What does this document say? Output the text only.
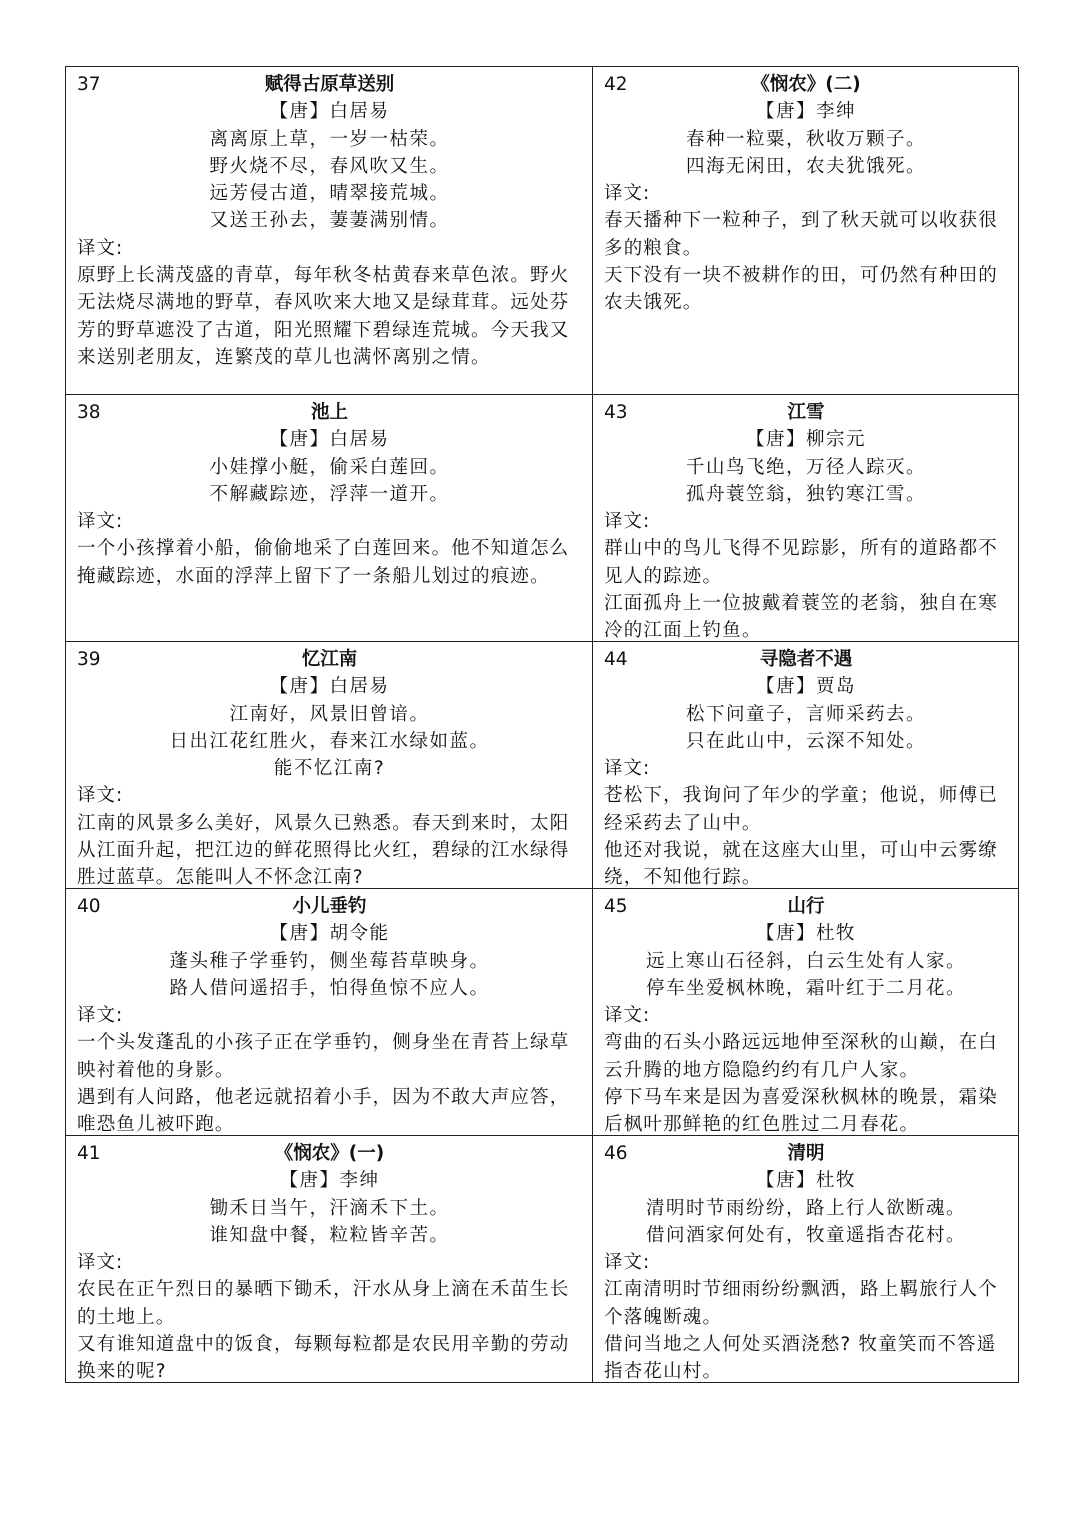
37	赋得古原草送别
【唐】白居易
离离原上草，一岁一枯荣。
野火烧不尽，春风吹又生。
远芳侵古道，晴翠接荒城。
又送王孙去，萋萋满别情。
译文:
原野上长满茂盛的青草，每年秋冬枯黄春来草色浓。野火无法烧尽满地的野草，春风吹来大地又是绿茸茸。远处芬芳的野草遮没了古道，阳光照耀下碧绿连荒城。今天我又来送别老朋友，连繁茂的草儿也满怀离别之情。
42	《悯农》(二)
【唐】李绅
春种一粒粟，秋收万颗子。
四海无闲田，农夫犹饿死。
译文:
春天播种下一粒种子，到了秋天就可以收获很多的粮食。
天下没有一块不被耕作的田，可仍然有种田的农夫饿死。
38	池上
【唐】白居易
小娃撑小艇，偷采白莲回。
不解藏踪迹，浮萍一道开。
译文:
一个小孩撑着小船，偷偷地采了白莲回来。他不知道怎么掩藏踪迹，水面的浮萍上留下了一条船儿划过的痕迹。
43	江雪
【唐】柳宗元
千山鸟飞绝，万径人踪灭。
孤舟蓑笠翁，独钓寒江雪。
译文:
群山中的鸟儿飞得不见踪影，所有的道路都不见人的踪迹。
江面孤舟上一位披戴着蓑笠的老翁，独自在寒冷的江面上钓鱼。
39	忆江南
【唐】白居易
江南好，风景旧曾谙。
日出江花红胜火，春来江水绿如蓝。
能不忆江南?
译文:
江南的风景多么美好，风景久已熟悉。春天到来时，太阳从江面升起，把江边的鲜花照得比火红，碧绿的江水绿得胜过蓝草。怎能叫人不怀念江南?
44	寻隐者不遇
【唐】贾岛
松下问童子，言师采药去。
只在此山中，云深不知处。
译文:
苍松下，我询问了年少的学童；他说，师傅已经采药去了山中。
他还对我说，就在这座大山里，可山中云雾缭绕，不知他行踪。
40	小儿垂钓
【唐】胡令能
蓬头稚子学垂钓，侧坐莓苔草映身。
路人借问遥招手，怕得鱼惊不应人。
译文:
一个头发蓬乱的小孩子正在学垂钓，侧身坐在青苔上绿草映衬着他的身影。
遇到有人问路，他老远就招着小手，因为不敢大声应答，唯恐鱼儿被吓跑。
45	山行
【唐】杜牧
远上寒山石径斜，白云生处有人家。
停车坐爱枫林晚，霜叶红于二月花。
译文:
弯曲的石头小路远远地伸至深秋的山巅，在白云升腾的地方隐隐约约有几户人家。
停下马车来是因为喜爱深秋枫林的晚景，霜染后枫叶那鲜艳的红色胜过二月春花。
41	《悯农》(一)
【唐】李绅
锄禾日当午，汗滴禾下土。
谁知盘中餐，粒粒皆辛苦。
译文:
农民在正午烈日的暴晒下锄禾，汗水从身上滴在禾苗生长的土地上。
又有谁知道盘中的饭食，每颗每粒都是农民用辛勤的劳动换来的呢?
46	清明
【唐】杜牧
清明时节雨纷纷，路上行人欲断魂。
借问酒家何处有，牧童遥指杏花村。
译文:
江南清明时节细雨纷纷飘洒，路上羁旅行人个个落魄断魂。
借问当地之人何处买酒浇愁? 牧童笑而不答遥指杏花山村。
